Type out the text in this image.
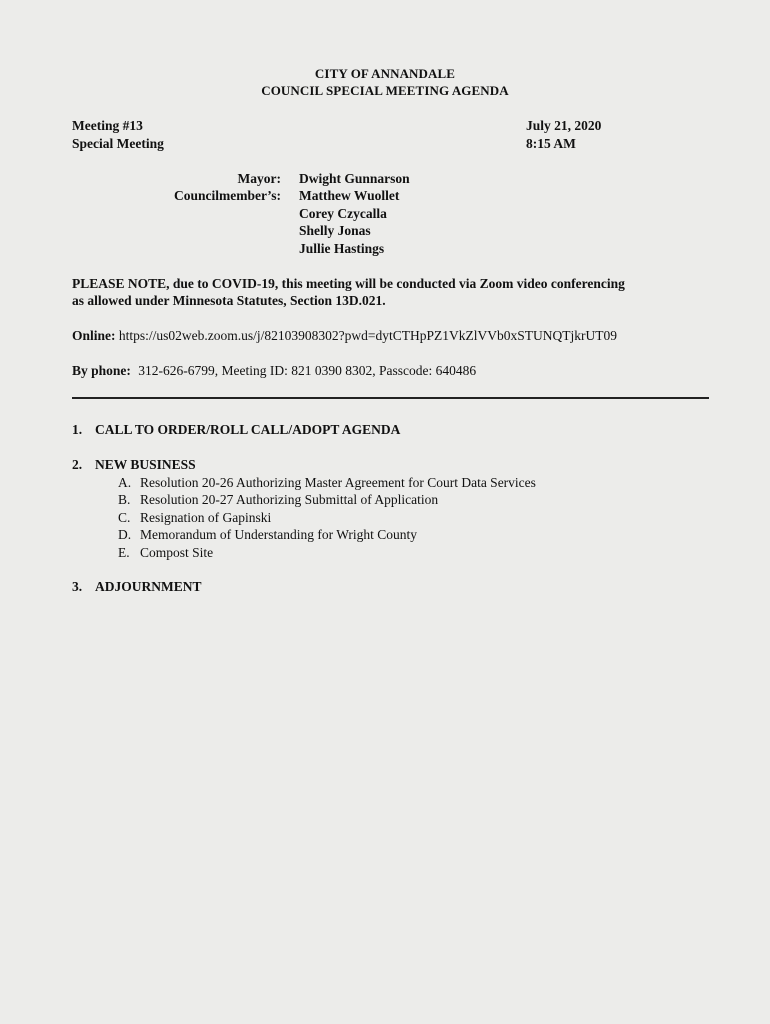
CITY OF ANNANDALE
COUNCIL SPECIAL MEETING AGENDA
Meeting #13
Special Meeting
July 21, 2020
8:15 AM
Mayor:
Councilmember’s:
Dwight Gunnarson
Matthew Wuollet
Corey Czycalla
Shelly Jonas
Jullie Hastings
PLEASE NOTE, due to COVID-19, this meeting will be conducted via Zoom video conferencing
as allowed under Minnesota Statutes, Section 13D.021.
Online: https://us02web.zoom.us/j/82103908302?pwd=dytCTHpPZ1VkZlVVb0xSTUNQTjkrUT09
By phone: 312-626-6799, Meeting ID: 821 0390 8302, Passcode: 640486
1. CALL TO ORDER/ROLL CALL/ADOPT AGENDA
2. NEW BUSINESS
A. Resolution 20-26 Authorizing Master Agreement for Court Data Services
B. Resolution 20-27 Authorizing Submittal of Application
C. Resignation of Gapinski
D. Memorandum of Understanding for Wright County
E. Compost Site
3. ADJOURNMENT
